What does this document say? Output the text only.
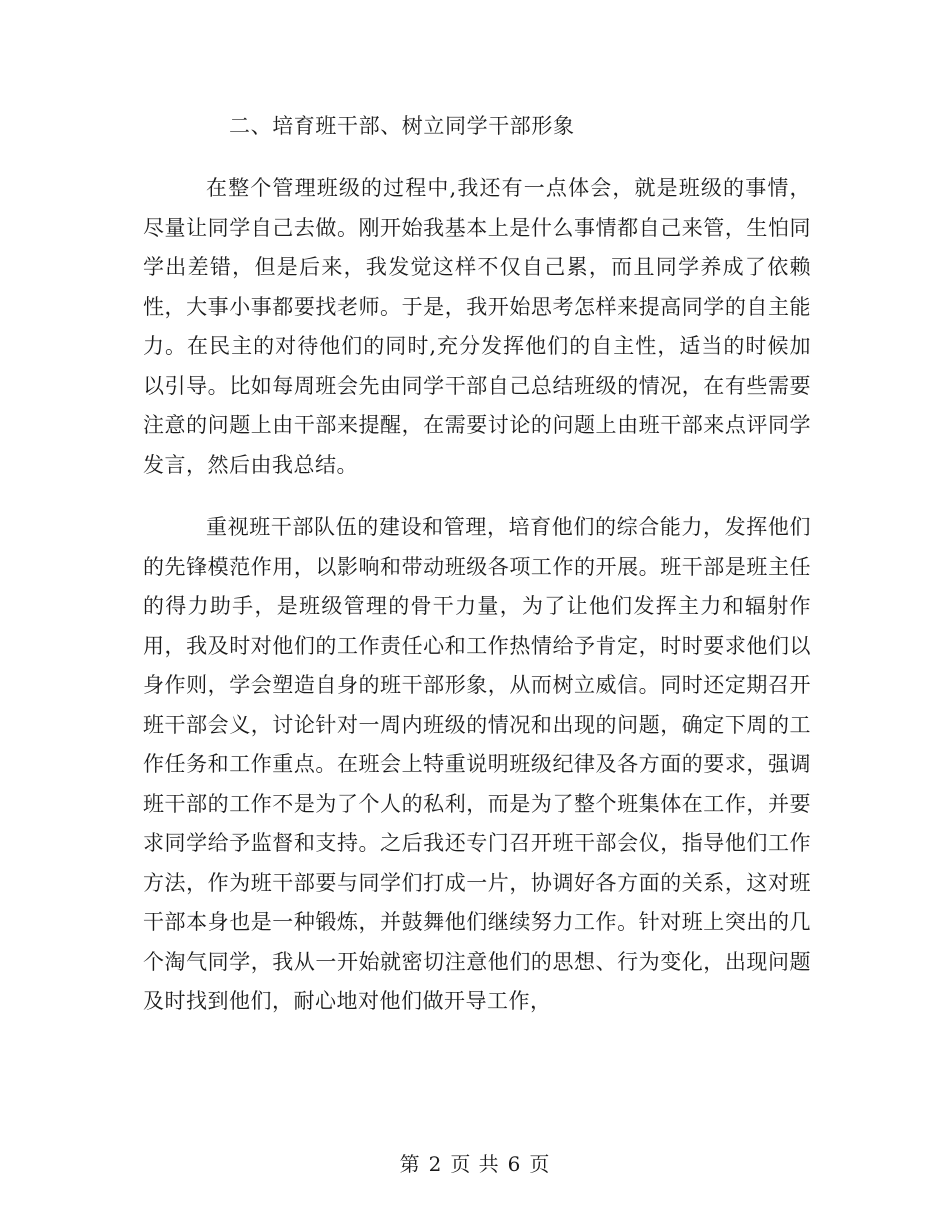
二、培育班干部、树立同学干部形象

在整个管理班级的过程中,我还有一点体会，就是班级的事情，尽量让同学自己去做。刚开始我基本上是什么事情都自己来管，生怕同学出差错，但是后来，我发觉这样不仅自己累，而且同学养成了依赖性，大事小事都要找老师。于是，我开始思考怎样来提高同学的自主能力。在民主的对待他们的同时,充分发挥他们的自主性，适当的时候加以引导。比如每周班会先由同学干部自己总结班级的情况，在有些需要注意的问题上由干部来提醒，在需要讨论的问题上由班干部来点评同学发言，然后由我总结。

重视班干部队伍的建设和管理，培育他们的综合能力，发挥他们的先锋模范作用，以影响和带动班级各项工作的开展。班干部是班主任的得力助手，是班级管理的骨干力量，为了让他们发挥主力和辐射作用，我及时对他们的工作责任心和工作热情给予肯定，时时要求他们以身作则，学会塑造自身的班干部形象，从而树立威信。同时还定期召开班干部会义，讨论针对一周内班级的情况和出现的问题，确定下周的工作任务和工作重点。在班会上特重说明班级纪律及各方面的要求，强调班干部的工作不是为了个人的私利，而是为了整个班集体在工作，并要求同学给予监督和支持。之后我还专门召开班干部会仪，指导他们工作方法，作为班干部要与同学们打成一片，协调好各方面的关系，这对班干部本身也是一种锻炼，并鼓舞他们继续努力工作。针对班上突出的几个淘气同学，我从一开始就密切注意他们的思想、行为变化，出现问题及时找到他们，耐心地对他们做开导工作，

第 2 页 共 6 页
